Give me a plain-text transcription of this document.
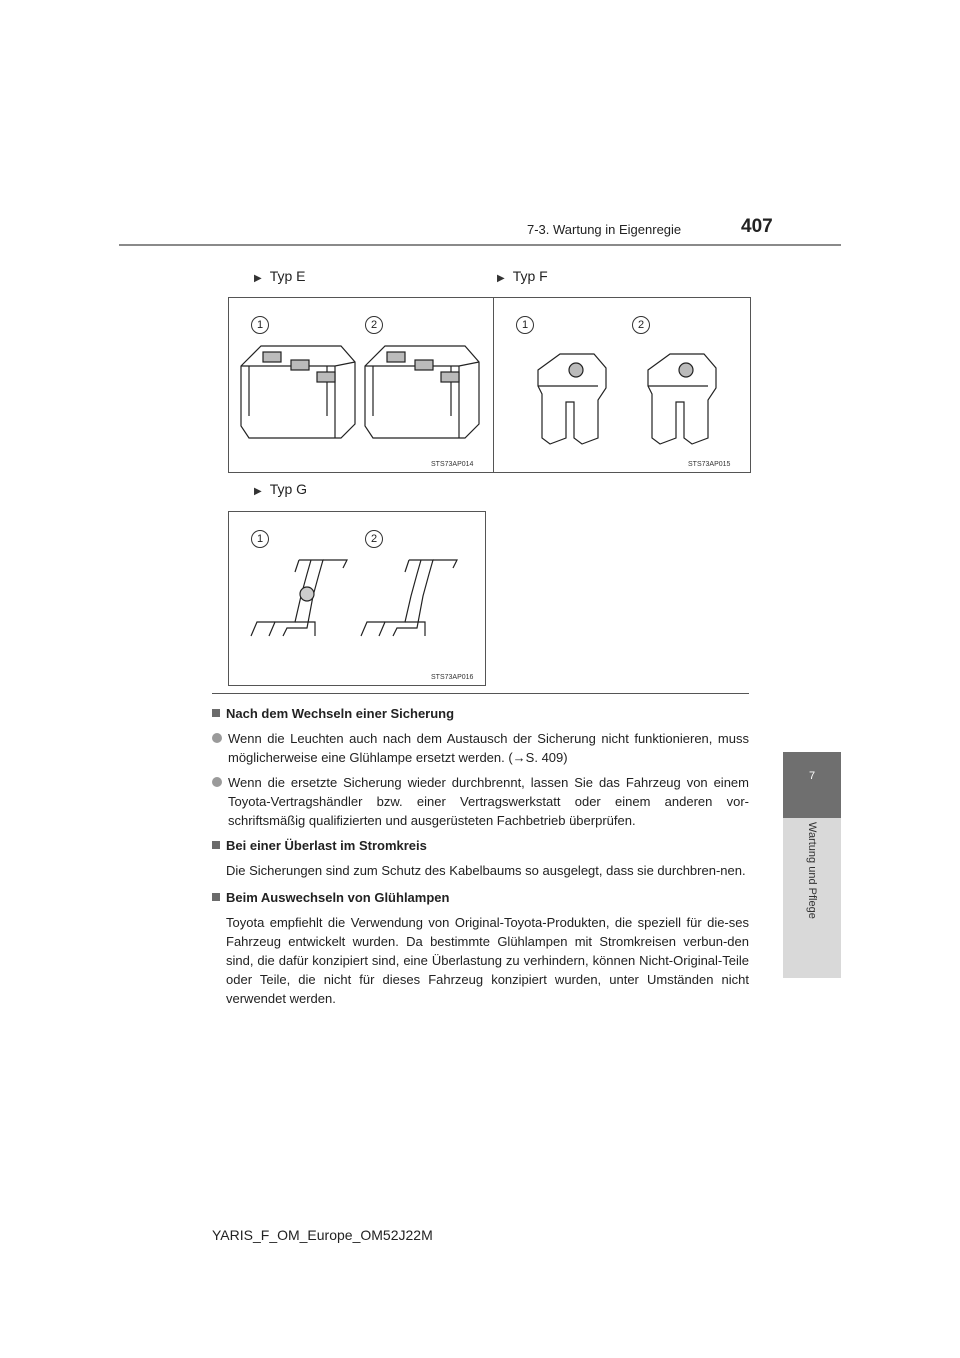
7-3. Wartung in Eigenregie	407
7
Wartung und Pflege
▶ Typ E	▶ Typ F
1	2
STS73AP014
1	2
STS73AP015
▶ Typ G
1	2
STS73AP016
Nach dem Wechseln einer Sicherung
Wenn die Leuchten auch nach dem Austausch der Sicherung nicht funktionieren, muss möglicherweise eine Glühlampe ersetzt werden. (→S. 409)
Wenn die ersetzte Sicherung wieder durchbrennt, lassen Sie das Fahrzeug von einem Toyota-Vertragshändler bzw. einer Vertragswerkstatt oder einem anderen vor-schriftsmäßig qualifizierten und ausgerüsteten Fachbetrieb überprüfen.
Bei einer Überlast im Stromkreis
Die Sicherungen sind zum Schutz des Kabelbaums so ausgelegt, dass sie durchbren-nen.
Beim Auswechseln von Glühlampen
Toyota empfiehlt die Verwendung von Original-Toyota-Produkten, die speziell für die-ses Fahrzeug entwickelt wurden. Da bestimmte Glühlampen mit Stromkreisen verbun-den sind, die dafür konzipiert sind, eine Überlastung zu verhindern, können Nicht-Original-Teile oder Teile, die nicht für dieses Fahrzeug konzipiert wurden, unter Umständen nicht verwendet werden.
YARIS_F_OM_Europe_OM52J22M
